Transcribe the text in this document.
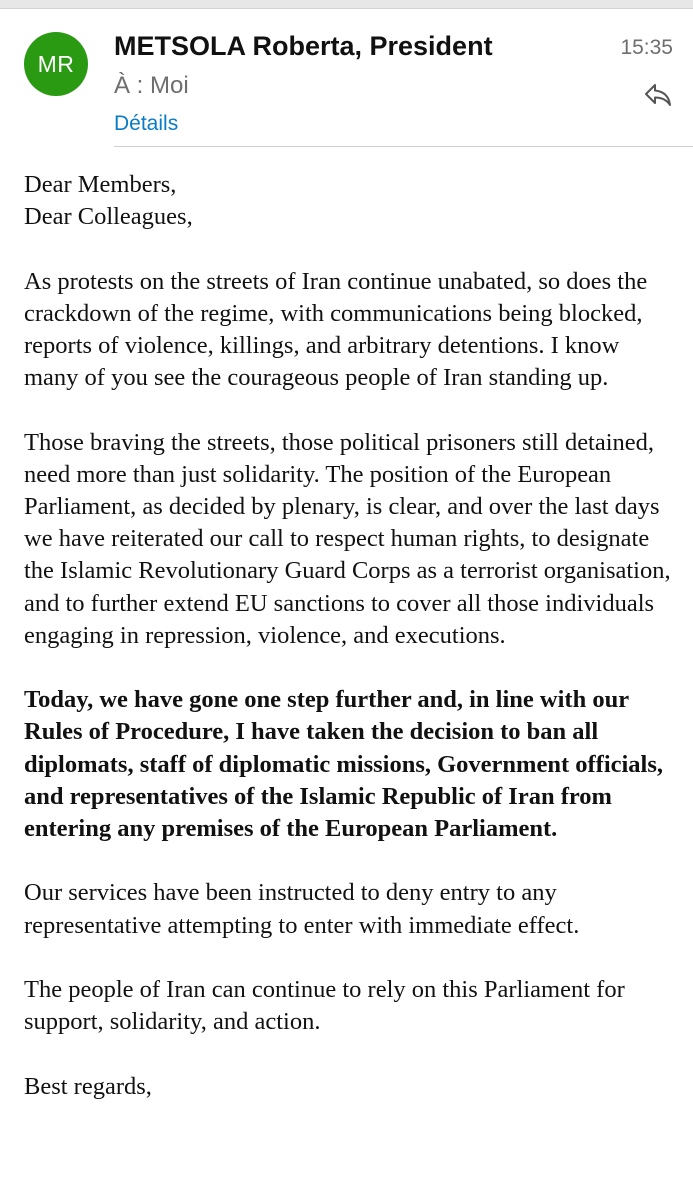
MR
METSOLA Roberta, President
À : Moi
Détails
15:35

Dear Members,
Dear Colleagues,

As protests on the streets of Iran continue unabated, so does the crackdown of the regime, with communications being blocked, reports of violence, killings, and arbitrary detentions. I know many of you see the courageous people of Iran standing up.

Those braving the streets, those political prisoners still detained, need more than just solidarity. The position of the European Parliament, as decided by plenary, is clear, and over the last days we have reiterated our call to respect human rights, to designate the Islamic Revolutionary Guard Corps as a terrorist organisation, and to further extend EU sanctions to cover all those individuals engaging in repression, violence, and executions.

Today, we have gone one step further and, in line with our Rules of Procedure, I have taken the decision to ban all diplomats, staff of diplomatic missions, Government officials, and representatives of the Islamic Republic of Iran from entering any premises of the European Parliament.

Our services have been instructed to deny entry to any representative attempting to enter with immediate effect.

The people of Iran can continue to rely on this Parliament for support, solidarity, and action.

Best regards,
